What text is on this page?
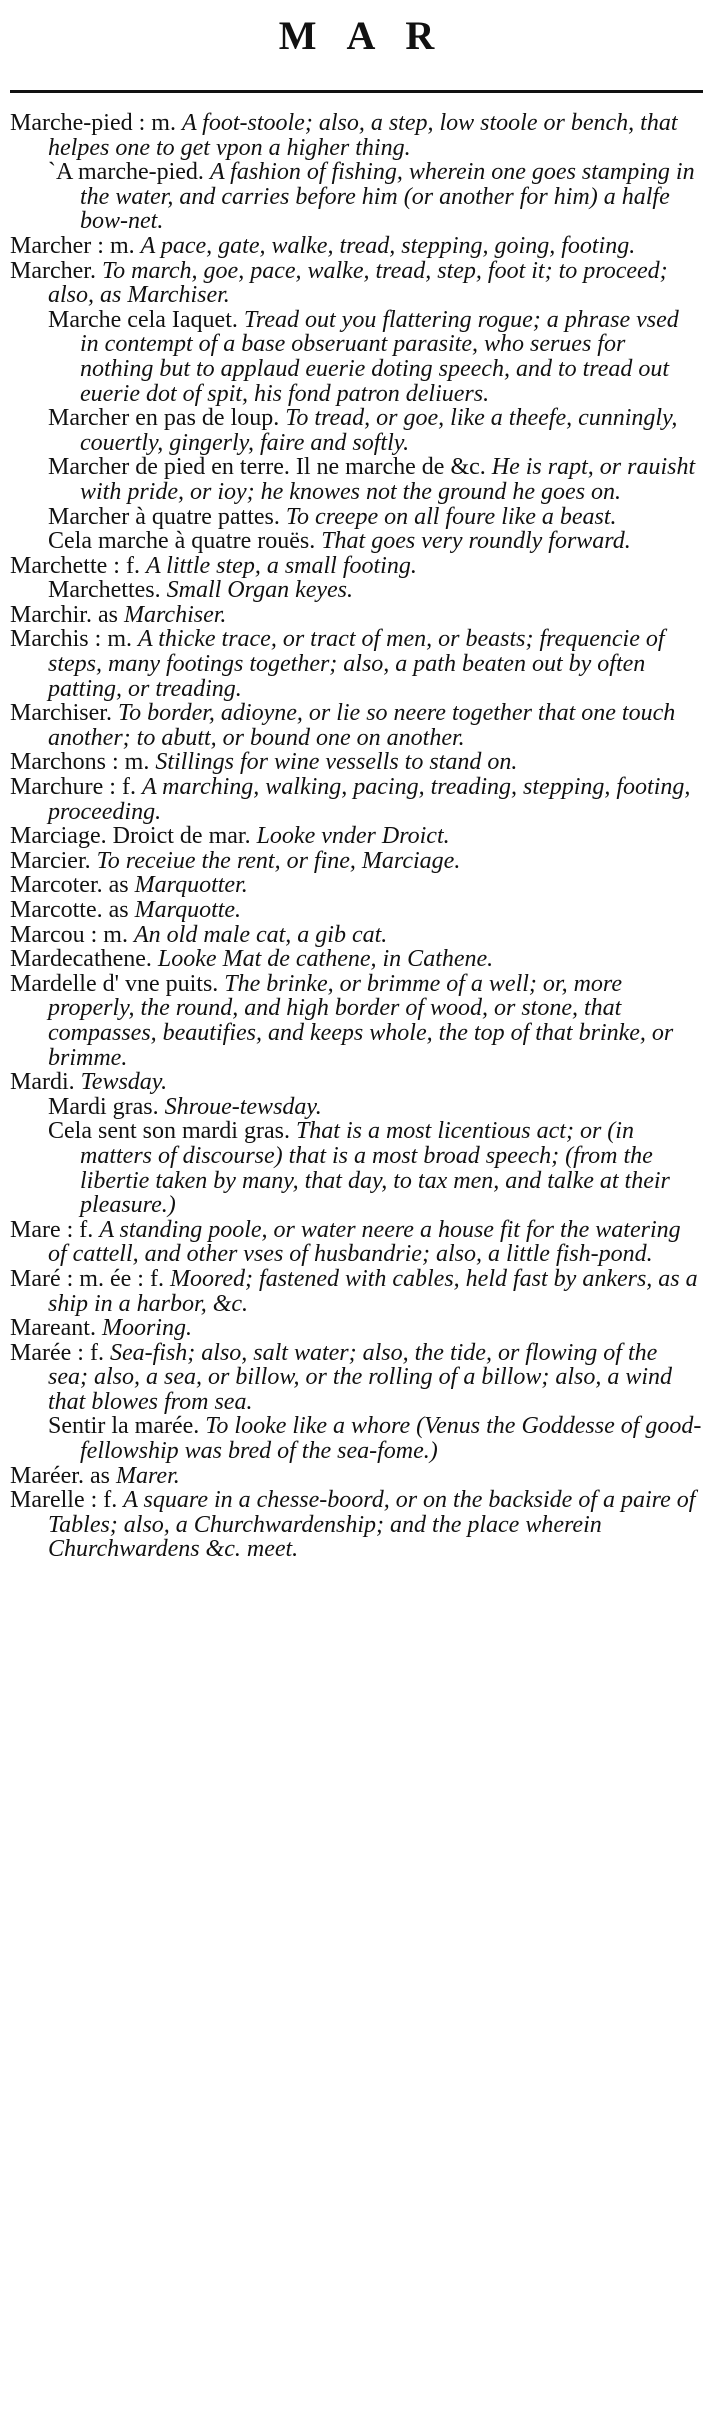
MAR

Marche-pied : m. A foot-stoole; also, a step, low stoole or bench, that helpes one to get vpon a higher thing.

`A marche-pied. A fashion of fishing, wherein one goes stamping in the water, and carries before him (or another for him) a halfe bow-net.

Marcher : m. A pace, gate, walke, tread, stepping, going, footing.

Marcher. To march, goe, pace, walke, tread, step, foot it; to proceed; also, as Marchiser.

Marche cela Iaquet. Tread out you flattering rogue; a phrase vsed in contempt of a base obseruant parasite, who serues for nothing but to applaud euerie doting speech, and to tread out euerie dot of spit, his fond patron deliuers.

Marcher en pas de loup. To tread, or goe, like a theefe, cunningly, couertly, gingerly, faire and softly.

Marcher de pied en terre. Il ne marche de &c. He is rapt, or rauisht with pride, or ioy; he knowes not the ground he goes on.

Marcher à quatre pattes. To creepe on all foure like a beast.

Cela marche à quatre rouës. That goes very roundly forward.

Marchette : f. A little step, a small footing.

Marchettes. Small Organ keyes.

Marchir. as Marchiser.

Marchis : m. A thicke trace, or tract of men, or beasts; frequencie of steps, many footings together; also, a path beaten out by often patting, or treading.

Marchiser. To border, adioyne, or lie so neere together that one touch another; to abutt, or bound one on another.

Marchons : m. Stillings for wine vessells to stand on.

Marchure : f. A marching, walking, pacing, treading, stepping, footing, proceeding.

Marciage. Droict de mar. Looke vnder Droict.

Marcier. To receiue the rent, or fine, Marciage.

Marcoter. as Marquotter.

Marcotte. as Marquotte.

Marcou : m. An old male cat, a gib cat.

Mardecathene. Looke Mat de cathene, in Cathene.

Mardelle d' vne puits. The brinke, or brimme of a well; or, more properly, the round, and high border of wood, or stone, that compasses, beautifies, and keeps whole, the top of that brinke, or brimme.

Mardi. Tewsday.

Mardi gras. Shroue-tewsday.

Cela sent son mardi gras. That is a most licentious act; or (in matters of discourse) that is a most broad speech; (from the libertie taken by many, that day, to tax men, and talke at their pleasure.)

Mare : f. A standing poole, or water neere a house fit for the watering of cattell, and other vses of husbandrie; also, a little fish-pond.

Maré : m. ée : f. Moored; fastened with cables, held fast by ankers, as a ship in a harbor, &c.

Mareant. Mooring.

Marée : f. Sea-fish; also, salt water; also, the tide, or flowing of the sea; also, a sea, or billow, or the rolling of a billow; also, a wind that blowes from sea.

Sentir la marée. To looke like a whore (Venus the Goddesse of good-fellowship was bred of the sea-fome.)

Maréer. as Marer.

Marelle : f. A square in a chesse-boord, or on the backside of a paire of Tables; also, a Churchwardenship; and the place wherein Churchwardens &c. meet.
